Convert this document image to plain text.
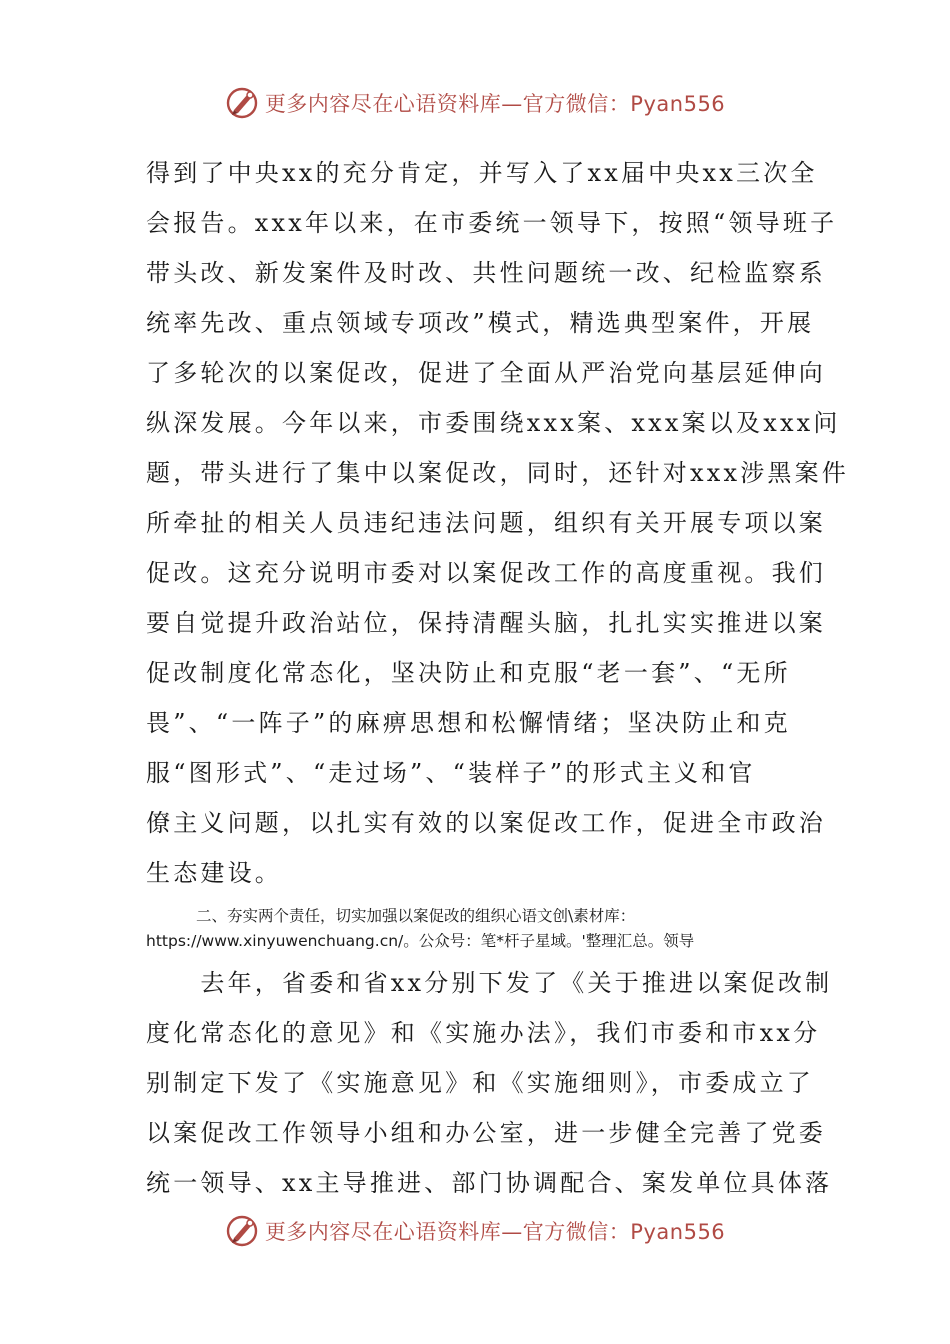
更多内容尽在心语资料库—官方微信：Pyan556
得到了中央xx的充分肯定，并写入了xx届中央xx三次全
会报告。xxx年以来，在市委统一领导下，按照“领导班子
带头改、新发案件及时改、共性问题统一改、纪检监察系
统率先改、重点领域专项改”模式，精选典型案件，开展
了多轮次的以案促改，促进了全面从严治党向基层延伸向
纵深发展。今年以来，市委围绕xxx案、xxx案以及xxx问
题，带头进行了集中以案促改，同时，还针对xxx涉黑案件
所牵扯的相关人员违纪违法问题，组织有关开展专项以案
促改。这充分说明市委对以案促改工作的高度重视。我们
要自觉提升政治站位，保持清醒头脑，扎扎实实推进以案
促改制度化常态化，坚决防止和克服“老一套”、“无所
畏”、“一阵子”的麻痹思想和松懈情绪；坚决防止和克
服“图形式”、“走过场”、“装样子”的形式主义和官
僚主义问题，以扎实有效的以案促改工作，促进全市政治
生态建设。
二、夯实两个责任，切实加强以案促改的组织心语文创\素材库：
https://www.xinyuwenchuang.cn/。公众号：笔*杆子星域。'整理汇总。领导
　　去年，省委和省xx分别下发了《关于推进以案促改制
度化常态化的意见》和《实施办法》，我们市委和市xx分
别制定下发了《实施意见》和《实施细则》，市委成立了
以案促改工作领导小组和办公室，进一步健全完善了党委
统一领导、xx主导推进、部门协调配合、案发单位具体落
更多内容尽在心语资料库—官方微信：Pyan556
